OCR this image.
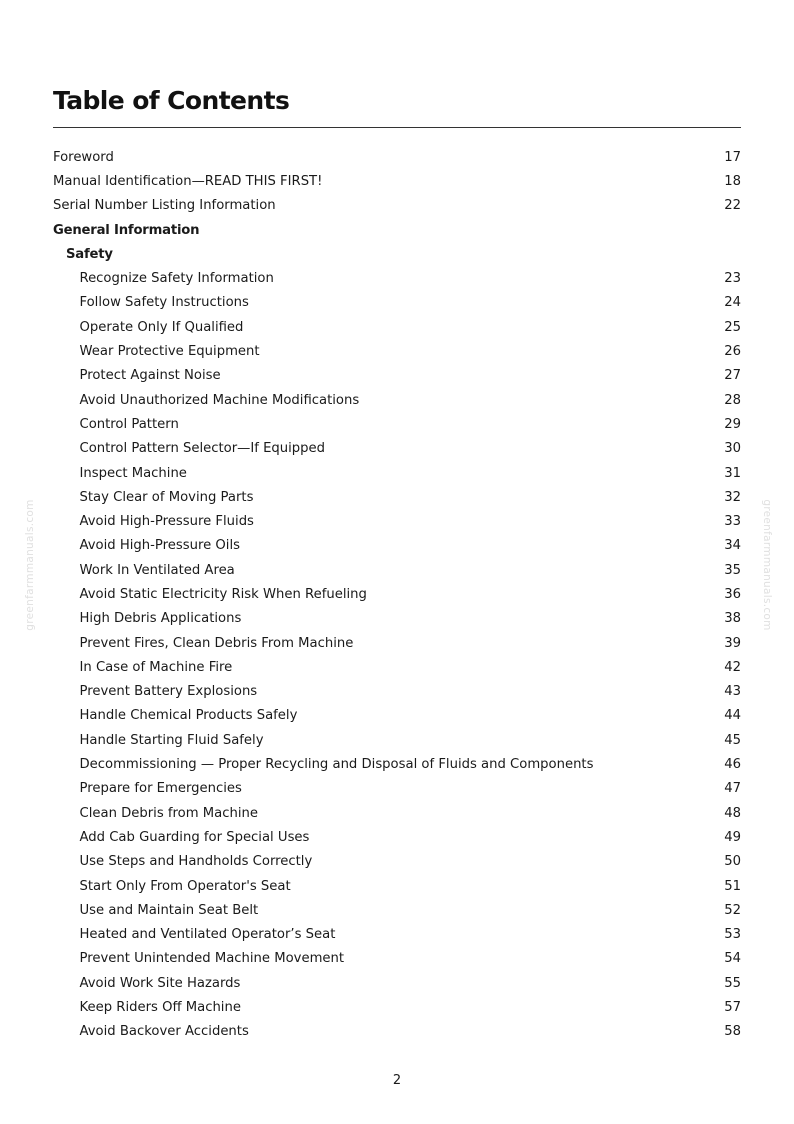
Table of Contents
Foreword	17
Manual Identification—READ THIS FIRST!	18
Serial Number Listing Information	22
General Information
Safety
Recognize Safety Information	23
Follow Safety Instructions	24
Operate Only If Qualified	25
Wear Protective Equipment	26
Protect Against Noise	27
Avoid Unauthorized Machine Modifications	28
Control Pattern	29
Control Pattern Selector—If Equipped	30
Inspect Machine	31
Stay Clear of Moving Parts	32
Avoid High-Pressure Fluids	33
Avoid High-Pressure Oils	34
Work In Ventilated Area	35
Avoid Static Electricity Risk When Refueling	36
High Debris Applications	38
Prevent Fires, Clean Debris From Machine	39
In Case of Machine Fire	42
Prevent Battery Explosions	43
Handle Chemical Products Safely	44
Handle Starting Fluid Safely	45
Decommissioning — Proper Recycling and Disposal of Fluids and Components	46
Prepare for Emergencies	47
Clean Debris from Machine	48
Add Cab Guarding for Special Uses	49
Use Steps and Handholds Correctly	50
Start Only From Operator's Seat	51
Use and Maintain Seat Belt	52
Heated and Ventilated Operator’s Seat	53
Prevent Unintended Machine Movement	54
Avoid Work Site Hazards	55
Keep Riders Off Machine	57
Avoid Backover Accidents	58
2
greenfarmmanuals.com	greenfarmmanuals.com
